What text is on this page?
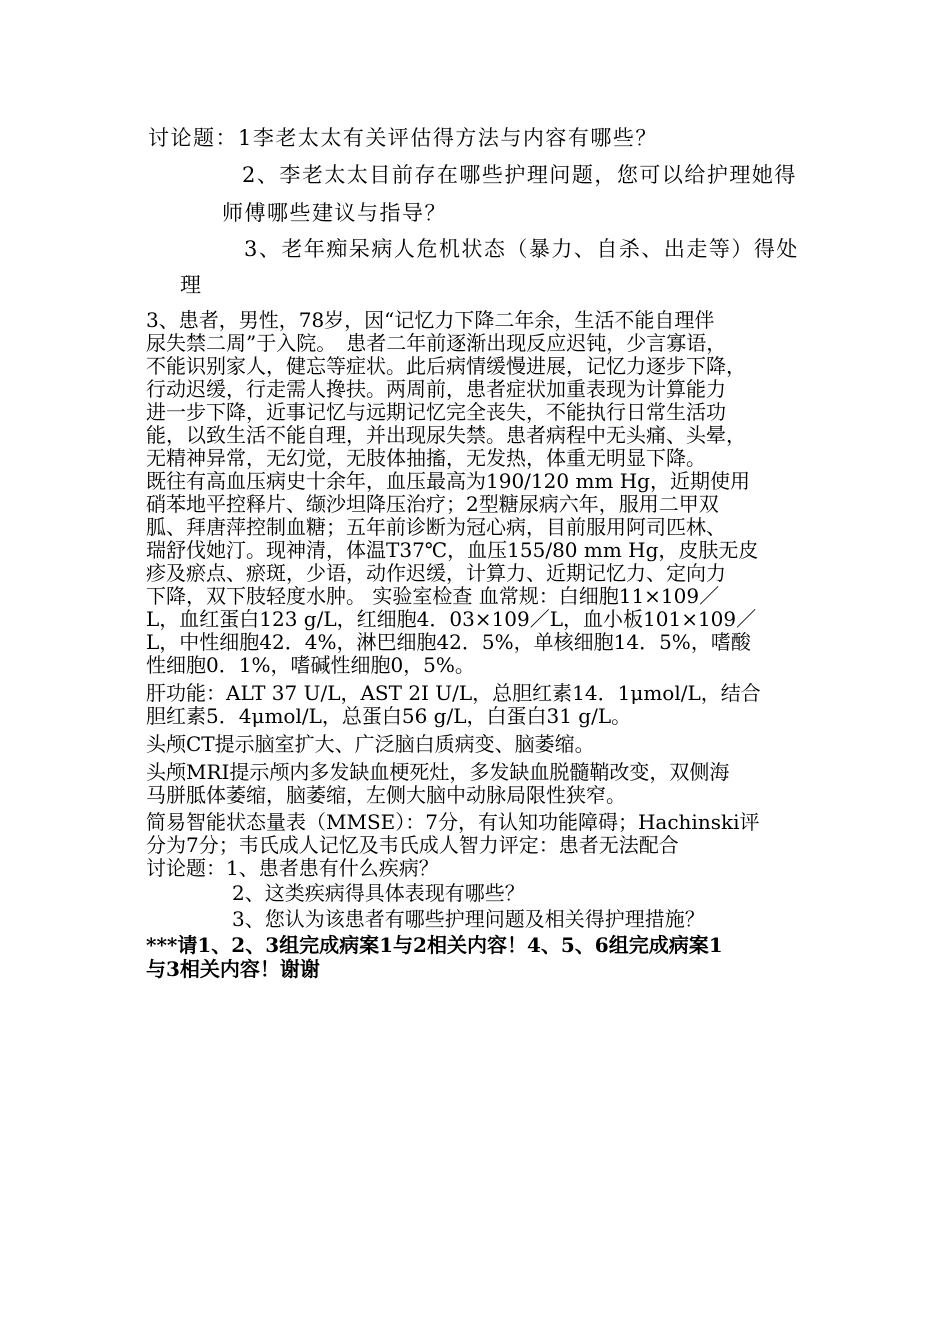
讨论题：1李老太太有关评估得方法与内容有哪些？
2、李老太太目前存在哪些护理问题，您可以给护理她得
师傅哪些建议与指导？
3、老年痴呆病人危机状态（暴力、自杀、出走等）得处
理
3、患者，男性，78岁，因“记忆力下降二年余，生活不能自理伴
尿失禁二周”于入院。　患者二年前逐渐出现反应迟钝，少言寡语，
不能识别家人，健忘等症状。此后病情缓慢进展，记忆力逐步下降，
行动迟缓，行走需人搀扶。两周前，患者症状加重表现为计算能力
进一步下降，近事记忆与远期记忆完全丧失，不能执行日常生活功
能，以致生活不能自理，并出现尿失禁。患者病程中无头痛、头晕，
无精神异常，无幻觉，无肢体抽搐，无发热，体重无明显下降。
既往有高血压病史十余年，血压最高为190/120 mm Hg，近期使用
硝苯地平控释片、缬沙坦降压治疗；2型糖尿病六年，服用二甲双
胍、拜唐萍控制血糖；五年前诊断为冠心病，目前服用阿司匹林、
瑞舒伐她汀。现神清，体温T37℃，血压155/80 mm Hg，皮肤无皮
疹及瘀点、瘀斑，少语，动作迟缓，计算力、近期记忆力、定向力
下降，双下肢轻度水肿。 实验室检查 血常规：白细胞11×109／
L，血红蛋白123 g/L，红细胞4．03×109／L，血小板101×109／
L，中性细胞42．4%，淋巴细胞42．5%，单核细胞14．5%，嗜酸
性细胞0．1%，嗜碱性细胞0，5%。
肝功能：ALT 37 U/L，AST 2I U/L，总胆红素14．1μmol/L，结合
胆红素5．4μmol/L，总蛋白56 g/L，白蛋白31 g/L。
头颅CT提示脑室扩大、广泛脑白质病变、脑萎缩。
头颅MRI提示颅内多发缺血梗死灶，多发缺血脱髓鞘改变，双侧海
马胼胝体萎缩，脑萎缩，左侧大脑中动脉局限性狭窄。
简易智能状态量表（MMSE）：7分，有认知功能障碍；Hachinski评
分为7分；韦氏成人记忆及韦氏成人智力评定：患者无法配合
讨论题：1、患者患有什么疾病？
2、这类疾病得具体表现有哪些？
3、您认为该患者有哪些护理问题及相关得护理措施？
***请1、2、3组完成病案1与2相关内容！4、5、6组完成病案1
与3相关内容！谢谢
